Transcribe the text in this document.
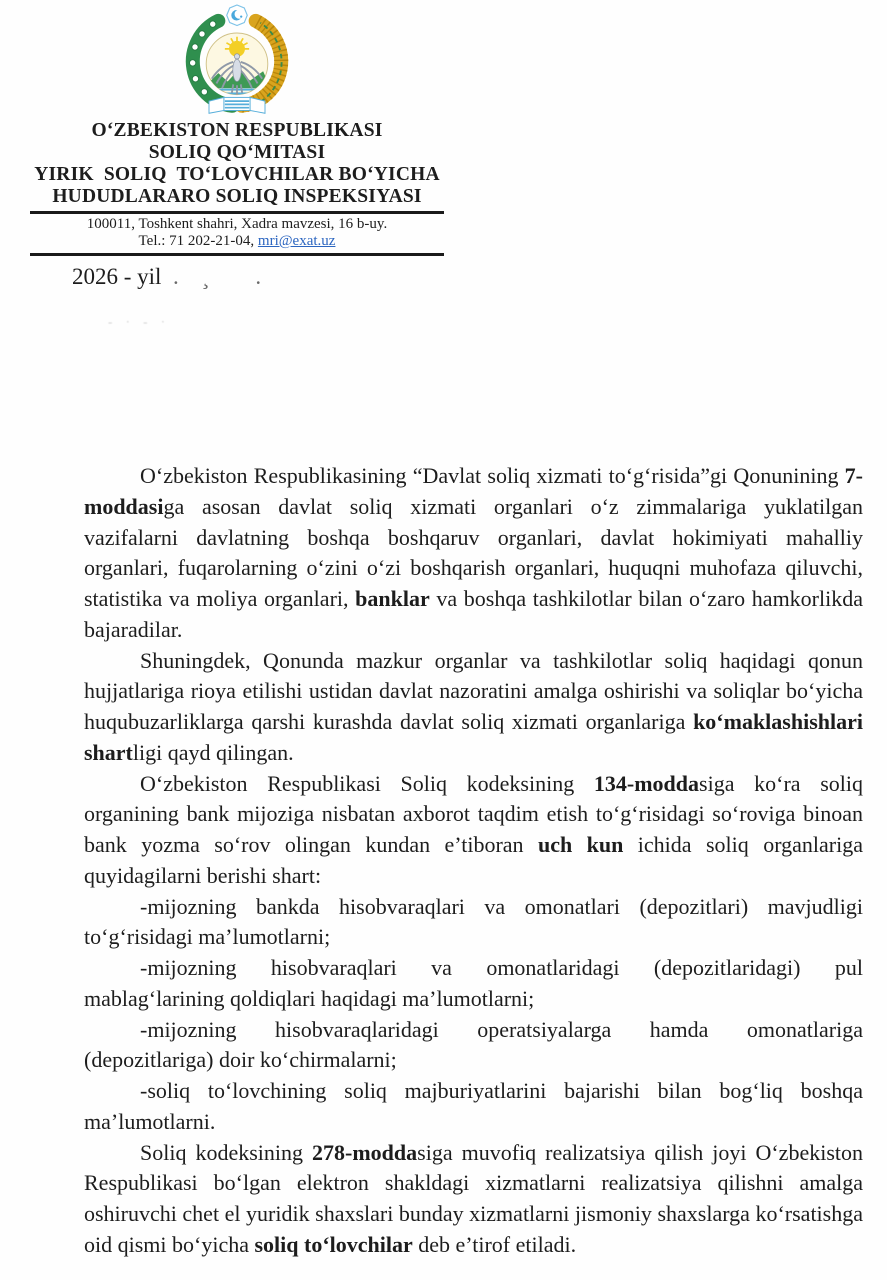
O‘ZBEKISTON RESPUBLIKASI
SOLIQ QO‘MITASI
YIRIK  SOLIQ  TO‘LOVCHILAR BO‘YICHA
HUDUDLARARO SOLIQ INSPEKSIYASI
100011, Toshkent shahri, Xadra mavzesi, 16 b-uy.
Tel.: 71 202-21-04, mri@exat.uz
2026 - yil  .    ¸        .
- · - ·

O‘zbekiston Respublikasining “Davlat soliq xizmati to‘g‘risida”gi Qonunining 7-moddasiga asosan davlat soliq xizmati organlari o‘z zimmalariga yuklatilgan vazifalarni davlatning boshqa boshqaruv organlari, davlat hokimiyati mahalliy organlari, fuqarolarning o‘zini o‘zi boshqarish organlari, huquqni muhofaza qiluvchi, statistika va moliya organlari, banklar va boshqa tashkilotlar bilan o‘zaro hamkorlikda bajaradilar.

Shuningdek, Qonunda mazkur organlar va tashkilotlar soliq haqidagi qonun hujjatlariga rioya etilishi ustidan davlat nazoratini amalga oshirishi va soliqlar bo‘yicha huqubuzarliklarga qarshi kurashda davlat soliq xizmati organlariga ko‘maklashishlari shartligi qayd qilingan.

O‘zbekiston Respublikasi Soliq kodeksining 134-moddasiga ko‘ra soliq organining bank mijoziga nisbatan axborot taqdim etish to‘g‘risidagi so‘roviga binoan bank yozma so‘rov olingan kundan e’tiboran uch kun ichida soliq organlariga quyidagilarni berishi shart:

-mijozning bankda hisobvaraqlari va omonatlari (depozitlari) mavjudligi to‘g‘risidagi ma’lumotlarni;

-mijozning hisobvaraqlari va omonatlaridagi (depozitlaridagi) pul mablag‘larining qoldiqlari haqidagi ma’lumotlarni;

-mijozning hisobvaraqlaridagi operatsiyalarga hamda omonatlariga (depozitlariga) doir ko‘chirmalarni;

-soliq to‘lovchining soliq majburiyatlarini bajarishi bilan bog‘liq boshqa ma’lumotlarni.

Soliq kodeksining 278-moddasiga muvofiq realizatsiya qilish joyi O‘zbekiston Respublikasi bo‘lgan elektron shakldagi xizmatlarni realizatsiya qilishni amalga oshiruvchi chet el yuridik shaxslari bunday xizmatlarni jismoniy shaxslarga ko‘rsatishga oid qismi bo‘yicha soliq to‘lovchilar deb e’tirof etiladi.
